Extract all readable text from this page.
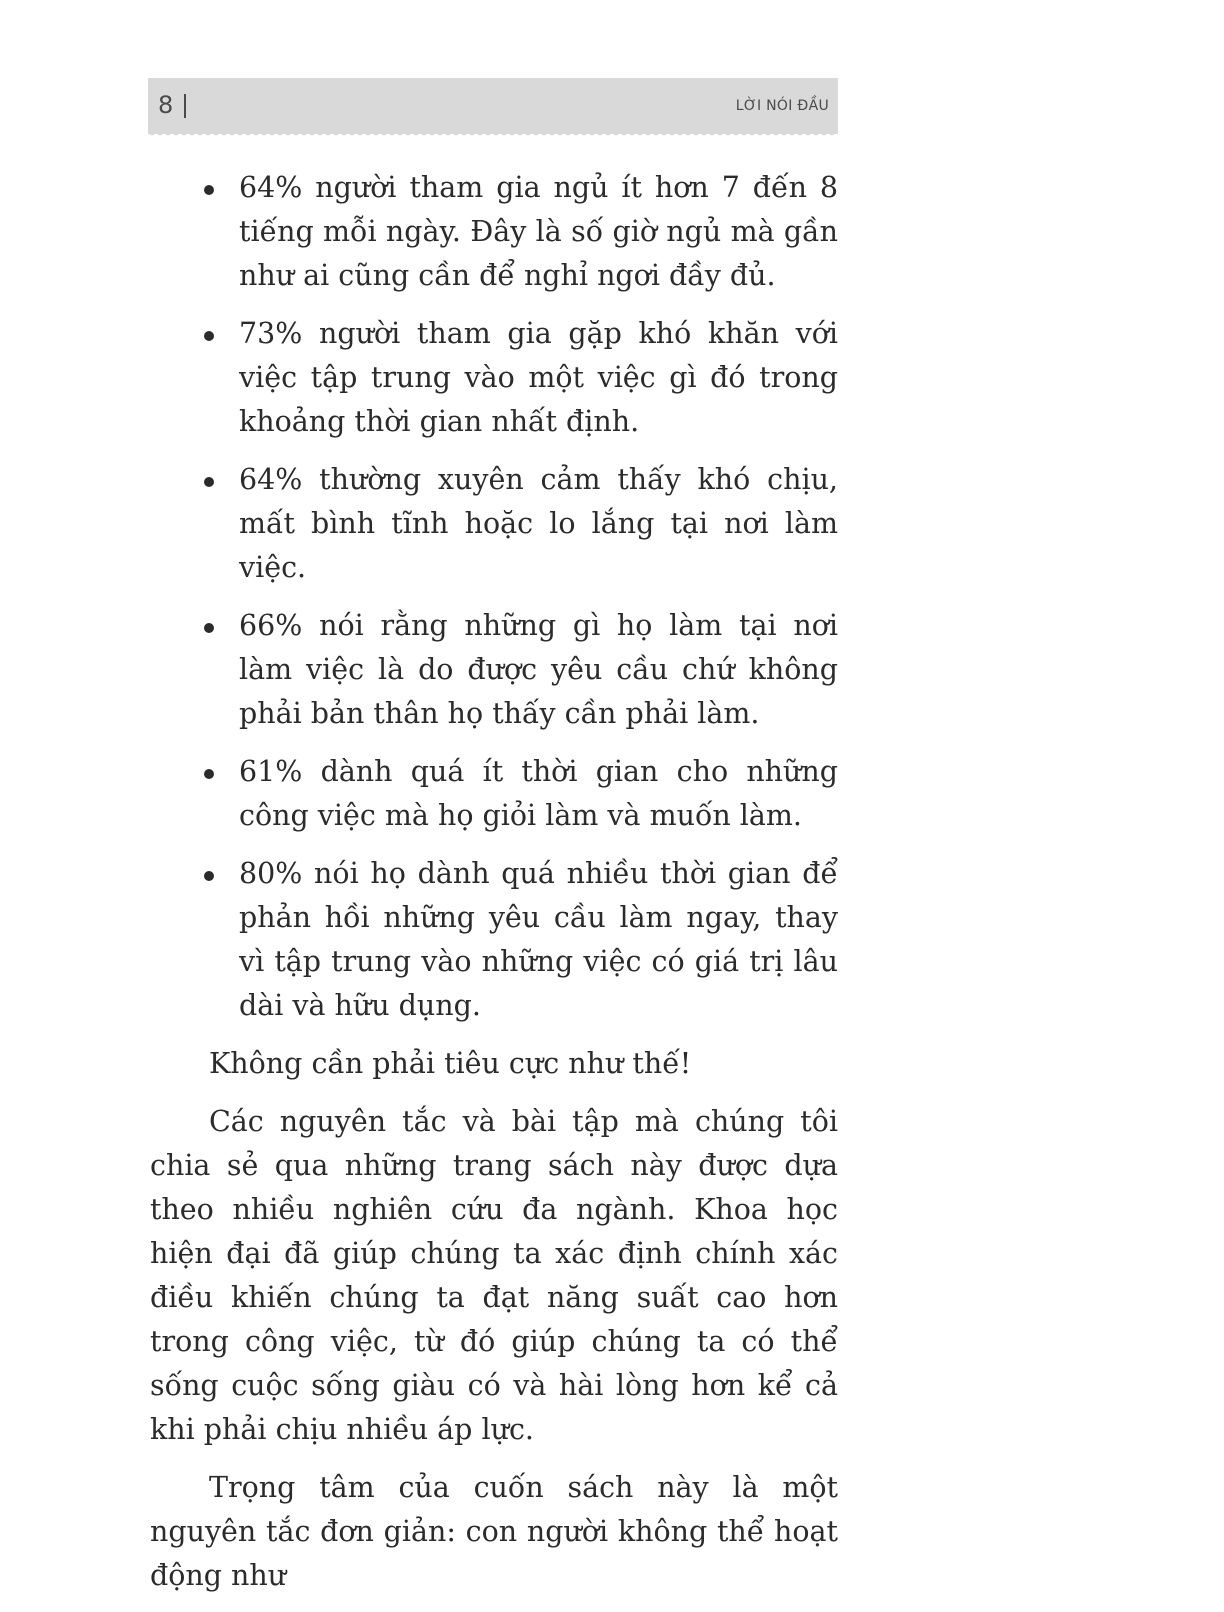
8	LỜI NÓI ĐẦU
64% người tham gia ngủ ít hơn 7 đến 8 tiếng mỗi ngày. Đây là số giờ ngủ mà gần như ai cũng cần để nghỉ ngơi đầy đủ.
73% người tham gia gặp khó khăn với việc tập trung vào một việc gì đó trong khoảng thời gian nhất định.
64% thường xuyên cảm thấy khó chịu, mất bình tĩnh hoặc lo lắng tại nơi làm việc.
66% nói rằng những gì họ làm tại nơi làm việc là do được yêu cầu chứ không phải bản thân họ thấy cần phải làm.
61% dành quá ít thời gian cho những công việc mà họ giỏi làm và muốn làm.
80% nói họ dành quá nhiều thời gian để phản hồi những yêu cầu làm ngay, thay vì tập trung vào những việc có giá trị lâu dài và hữu dụng.

Không cần phải tiêu cực như thế!

Các nguyên tắc và bài tập mà chúng tôi chia sẻ qua những trang sách này được dựa theo nhiều nghiên cứu đa ngành. Khoa học hiện đại đã giúp chúng ta xác định chính xác điều khiến chúng ta đạt năng suất cao hơn trong công việc, từ đó giúp chúng ta có thể sống cuộc sống giàu có và hài lòng hơn kể cả khi phải chịu nhiều áp lực.

Trọng tâm của cuốn sách này là một nguyên tắc đơn giản: con người không thể hoạt động như
